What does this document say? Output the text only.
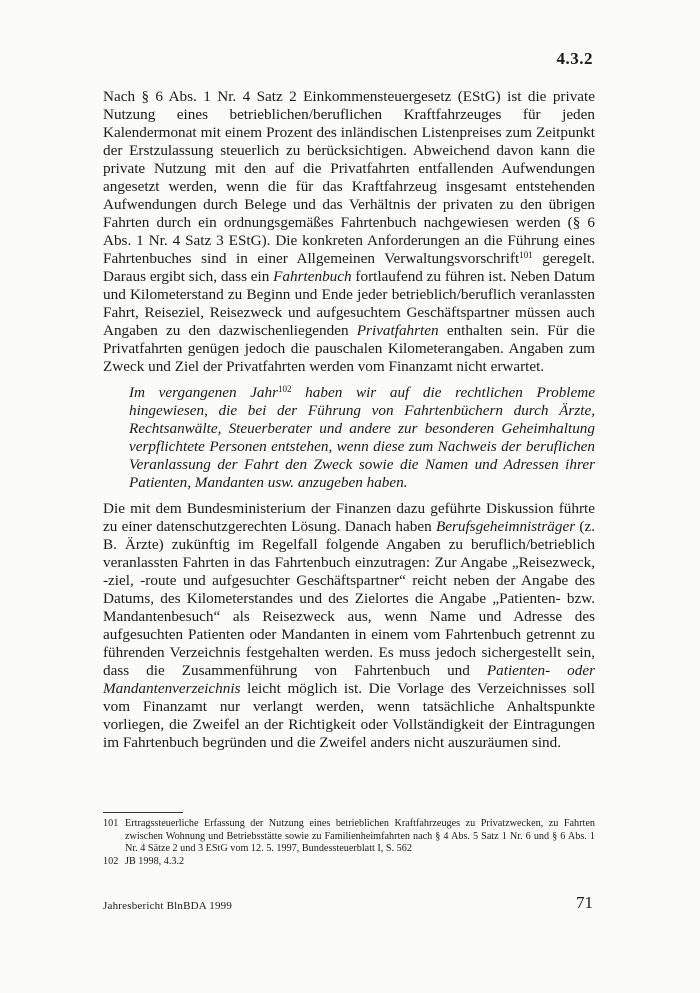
4.3.2

Nach § 6 Abs. 1 Nr. 4 Satz 2 Einkommensteuergesetz (EStG) ist die private Nutzung eines betrieblichen/beruflichen Kraftfahrzeuges für jeden Kalendermonat mit einem Prozent des inländischen Listenpreises zum Zeitpunkt der Erstzulassung steuerlich zu berücksichtigen. Abweichend davon kann die private Nutzung mit den auf die Privatfahrten entfallenden Aufwendungen angesetzt werden, wenn die für das Kraftfahrzeug insgesamt entstehenden Aufwendungen durch Belege und das Verhältnis der privaten zu den übrigen Fahrten durch ein ordnungsgemäßes Fahrtenbuch nachgewiesen werden (§ 6 Abs. 1 Nr. 4 Satz 3 EStG). Die konkreten Anforderungen an die Führung eines Fahrtenbuches sind in einer Allgemeinen Verwaltungsvorschrift$^{101}$ geregelt. Daraus ergibt sich, dass ein Fahrtenbuch fortlaufend zu führen ist. Neben Datum und Kilometerstand zu Beginn und Ende jeder betrieblich/beruflich veranlassten Fahrt, Reiseziel, Reisezweck und aufgesuchtem Geschäftspartner müssen auch Angaben zu den dazwischenliegenden Privatfahrten enthalten sein. Für die Privatfahrten genügen jedoch die pauschalen Kilometerangaben. Angaben zum Zweck und Ziel der Privatfahrten werden vom Finanzamt nicht erwartet.

Im vergangenen Jahr$^{102}$ haben wir auf die rechtlichen Probleme hingewiesen, die bei der Führung von Fahrtenbüchern durch Ärzte, Rechtsanwälte, Steuerberater und andere zur besonderen Geheimhaltung verpflichtete Personen entstehen, wenn diese zum Nachweis der beruflichen Veranlassung der Fahrt den Zweck sowie die Namen und Adressen ihrer Patienten, Mandanten usw. anzugeben haben.

Die mit dem Bundesministerium der Finanzen dazu geführte Diskussion führte zu einer datenschutzgerechten Lösung. Danach haben Berufsgeheimnisträger (z. B. Ärzte) zukünftig im Regelfall folgende Angaben zu beruflich/betrieblich veranlassten Fahrten in das Fahrtenbuch einzutragen: Zur Angabe „Reisezweck, -ziel, -route und aufgesuchter Geschäftspartner“ reicht neben der Angabe des Datums, des Kilometerstandes und des Zielortes die Angabe „Patienten- bzw. Mandantenbesuch“ als Reisezweck aus, wenn Name und Adresse des aufgesuchten Patienten oder Mandanten in einem vom Fahrtenbuch getrennt zu führenden Verzeichnis festgehalten werden. Es muss jedoch sichergestellt sein, dass die Zusammenführung von Fahrtenbuch und Patienten- oder Mandantenverzeichnis leicht möglich ist. Die Vorlage des Verzeichnisses soll vom Finanzamt nur verlangt werden, wenn tatsächliche Anhaltspunkte vorliegen, die Zweifel an der Richtigkeit oder Vollständigkeit der Eintragungen im Fahrtenbuch begründen und die Zweifel anders nicht auszuräumen sind.

101 Ertragssteuerliche Erfassung der Nutzung eines betrieblichen Kraftfahrzeuges zu Privatzwecken, zu Fahrten zwischen Wohnung und Betriebsstätte sowie zu Familienheimfahrten nach § 4 Abs. 5 Satz 1 Nr. 6 und § 6 Abs. 1 Nr. 4 Sätze 2 und 3 EStG vom 12. 5. 1997, Bundessteuerblatt I, S. 562

102 JB 1998, 4.3.2

Jahresbericht BlnBDA 1999	71
